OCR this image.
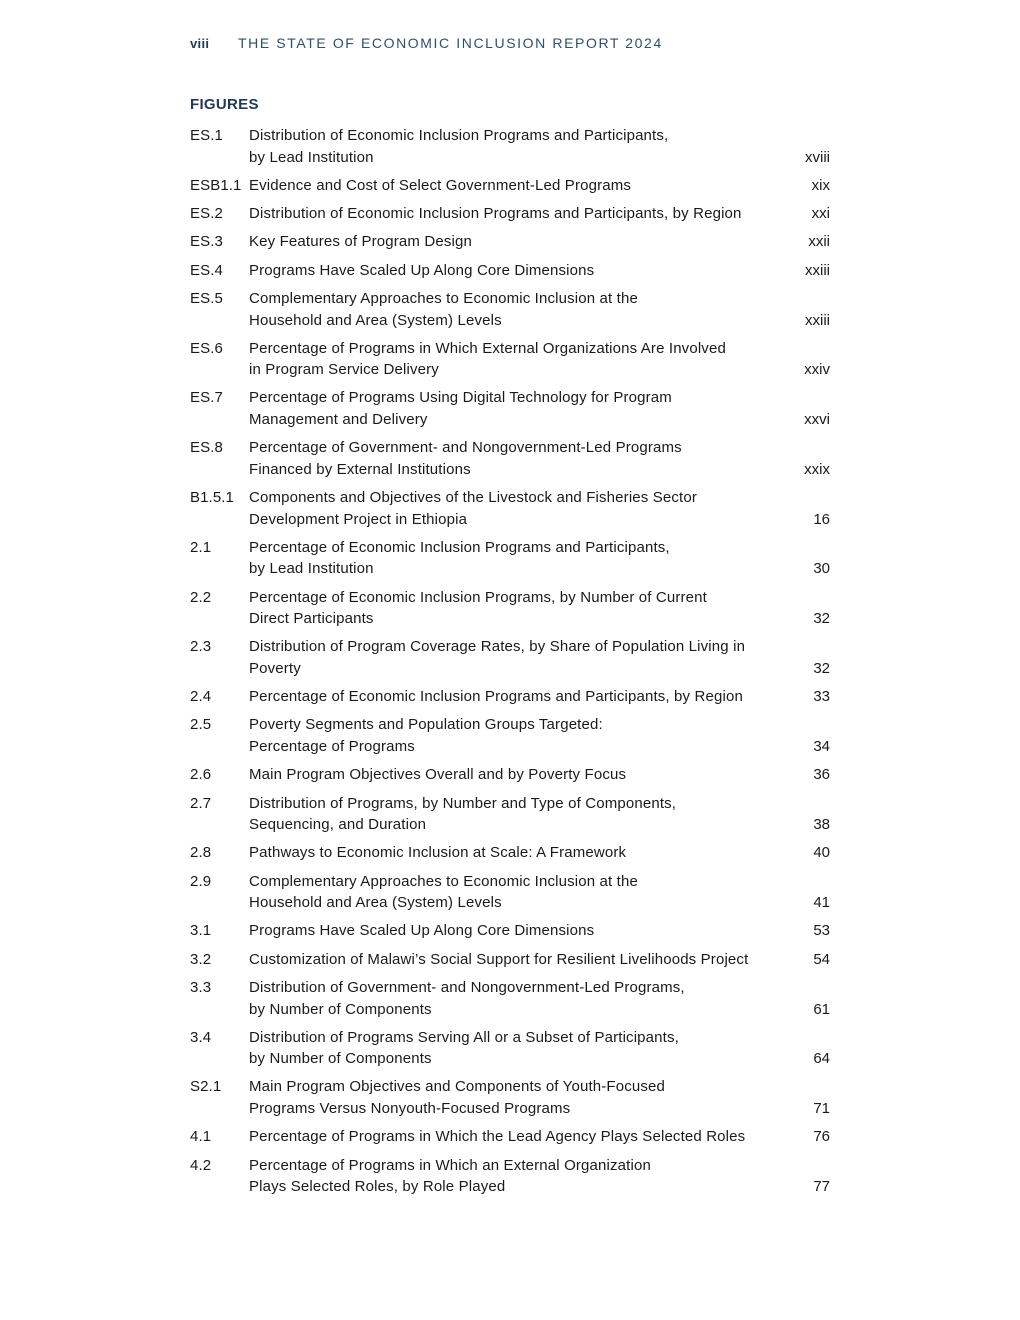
viii	THE STATE OF ECONOMIC INCLUSION REPORT 2024
FIGURES
ES.1	Distribution of Economic Inclusion Programs and Participants,
by Lead Institution	xviii
ESB1.1 Evidence and Cost of Select Government-Led Programs	xix
ES.2	Distribution of Economic Inclusion Programs and Participants, by Region	xxi
ES.3	Key Features of Program Design	xxii
ES.4	Programs Have Scaled Up Along Core Dimensions	xxiii
ES.5	Complementary Approaches to Economic Inclusion at the
Household and Area (System) Levels	xxiii
ES.6	Percentage of Programs in Which External Organizations Are Involved
in Program Service Delivery	xxiv
ES.7	Percentage of Programs Using Digital Technology for Program
Management and Delivery	xxvi
ES.8	Percentage of Government- and Nongovernment-Led Programs
Financed by External Institutions	xxix
B1.5.1	Components and Objectives of the Livestock and Fisheries Sector
Development Project in Ethiopia	16
2.1	Percentage of Economic Inclusion Programs and Participants,
by Lead Institution	30
2.2	Percentage of Economic Inclusion Programs, by Number of Current
Direct Participants	32
2.3	Distribution of Program Coverage Rates, by Share of Population Living in
Poverty	32
2.4	Percentage of Economic Inclusion Programs and Participants, by Region	33
2.5	Poverty Segments and Population Groups Targeted:
Percentage of Programs	34
2.6	Main Program Objectives Overall and by Poverty Focus	36
2.7	Distribution of Programs, by Number and Type of Components,
Sequencing, and Duration	38
2.8	Pathways to Economic Inclusion at Scale: A Framework	40
2.9	Complementary Approaches to Economic Inclusion at the
Household and Area (System) Levels	41
3.1	Programs Have Scaled Up Along Core Dimensions	53
3.2	Customization of Malawi’s Social Support for Resilient Livelihoods Project	54
3.3	Distribution of Government- and Nongovernment-Led Programs,
by Number of Components	61
3.4	Distribution of Programs Serving All or a Subset of Participants,
by Number of Components	64
S2.1	Main Program Objectives and Components of Youth-Focused
Programs Versus Nonyouth-Focused Programs	71
4.1	Percentage of Programs in Which the Lead Agency Plays Selected Roles	76
4.2	Percentage of Programs in Which an External Organization
Plays Selected Roles, by Role Played	77
